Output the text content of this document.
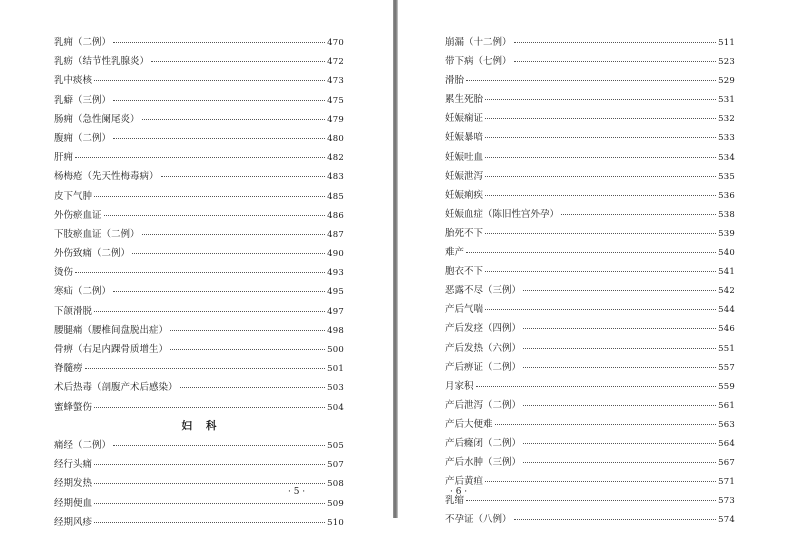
乳痈（二例）	470
乳疬（结节性乳腺炎）	472
乳中痰核	473
乳癖（三例）	475
肠痈（急性阑尾炎）	479
腹痈（二例）	480
肝痈	482
杨梅疮（先天性梅毒病）	483
皮下气肿	485
外伤瘀血证	486
下肢瘀血证（二例）	487
外伤致痛（二例）	490
烫伤	493
寒疝（二例）	495
下颌滑脱	497
腰腿痛（腰椎间盘脱出症）	498
骨痹（右足内踝骨质增生）	500
脊髓痨	501
术后热毒（剖腹产术后感染）	503
蜜蜂螫伤	504
妇科
痛经（二例）	505
经行头痛	507
经期发热	508
经期便血	509
经期风疹	510
· 5 ·
崩漏（十二例）	511
带下病（七例）	523
滑胎	529
累生死胎	531
妊娠痫证	532
妊娠暴喑	533
妊娠吐血	534
妊娠泄泻	535
妊娠痢疾	536
妊娠血症（陈旧性宫外孕）	538
胎死不下	539
难产	540
胞衣不下	541
恶露不尽（三例）	542
产后气喘	544
产后发痉（四例）	546
产后发热（六例）	551
产后痹证（二例）	557
月家积	559
产后泄泻（二例）	561
产后大便难	563
产后癃闭（二例）	564
产后水肿（三例）	567
产后黄疸	571
乳缩	573
不孕证（八例）	574
· 6 ·
